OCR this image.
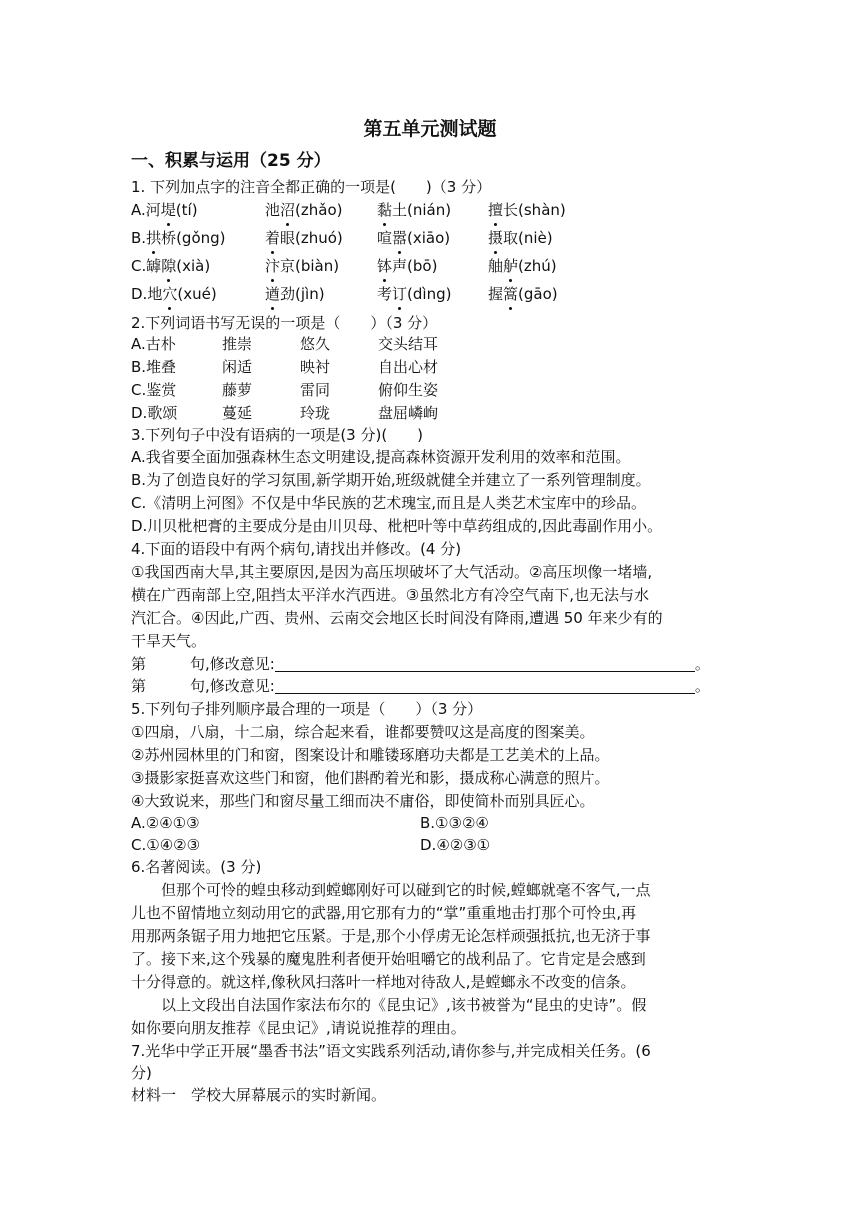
第五单元测试题
一、积累与运用（25 分）
1. 下列加点字的注音全都正确的一项是(　　)（3 分）
A.河堤(tí)	池沼(zhǎo) 黏土(nián) 擅长(shàn)
B.拱桥(gǒng)	着眼(zhuó) 喧嚣(xiāo)	摄取(niè)
C.罅隙(xià)	汴京(biàn)	钵声(bō)	舳舻(zhú)
D.地穴(xué)	遒劲(jìn)	考订(dìng) 握篙(gāo)
2.下列词语书写无误的一项是（　　）（3 分）
A.古朴	推崇	悠久	交头结耳
B.堆叠	闲适	映衬	自出心材
C.鉴赏	藤萝	雷同	俯仰生姿
D.歌颂	蔓延	玲珑	盘屈嶙峋
3.下列句子中没有语病的一项是(3 分)(　　)
A.我省要全面加强森林生态文明建设,提高森林资源开发利用的效率和范围。
B.为了创造良好的学习氛围,新学期开始,班级就健全并建立了一系列管理制度。
C.《清明上河图》不仅是中华民族的艺术瑰宝,而且是人类艺术宝库中的珍品。
D.川贝枇杷膏的主要成分是由川贝母、枇杷叶等中草药组成的,因此毒副作用小。
4.下面的语段中有两个病句,请找出并修改。(4 分)
①我国西南大旱,其主要原因,是因为高压坝破坏了大气活动。②高压坝像一堵墙,
横在广西南部上空,阻挡太平洋水汽西进。③虽然北方有冷空气南下,也无法与水
汽汇合。④因此,广西、贵州、云南交会地区长时间没有降雨,遭遇 50 年来少有的
干旱天气。
第	句,修改意见:	。
第	句,修改意见:	。
5.下列句子排列顺序最合理的一项是（　　）（3 分）
①四扇，八扇，十二扇，综合起来看，谁都要赞叹这是高度的图案美。
②苏州园林里的门和窗，图案设计和雕镂琢磨功夫都是工艺美术的上品。
③摄影家挺喜欢这些门和窗，他们斟酌着光和影，摄成称心满意的照片。
④大致说来，那些门和窗尽量工细而决不庸俗，即使简朴而别具匠心。
A.②④①③	B.①③②④
C.①④②③	D.④②③①
6.名著阅读。(3 分)
但那个可怜的蝗虫移动到螳螂刚好可以碰到它的时候,螳螂就毫不客气,一点
儿也不留情地立刻动用它的武器,用它那有力的“掌”重重地击打那个可怜虫,再
用那两条锯子用力地把它压紧。于是,那个小俘虏无论怎样顽强抵抗,也无济于事
了。接下来,这个残暴的魔鬼胜利者便开始咀嚼它的战利品了。它肯定是会感到
十分得意的。就这样,像秋风扫落叶一样地对待敌人,是螳螂永不改变的信条。
以上文段出自法国作家法布尔的《昆虫记》,该书被誉为“昆虫的史诗”。假
如你要向朋友推荐《昆虫记》,请说说推荐的理由。
7.光华中学正开展“墨香书法”语文实践系列活动,请你参与,并完成相关任务。(6
分)
材料一　学校大屏幕展示的实时新闻。
